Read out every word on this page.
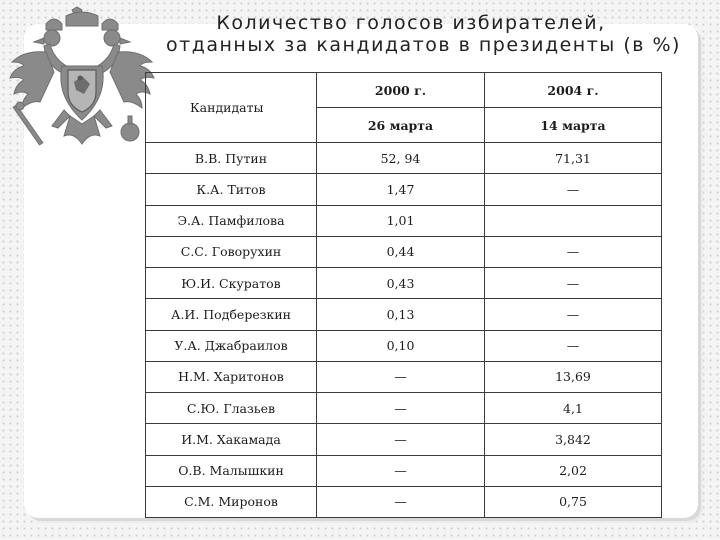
Количество голосов избирателей,
отданных за кандидатов в президенты (в %)
Кандидаты	2000 г.	2004 г.
	26 марта	14 марта
В.В. Путин	52, 94	71,31
К.А. Титов	1,47	—
Э.А. Памфилова	1,01	
С.С. Говорухин	0,44	—
Ю.И. Скуратов	0,43	—
А.И. Подберезкин	0,13	—
У.А. Джабраилов	0,10	—
Н.М. Харитонов	—	13,69
С.Ю. Глазьев	—	4,1
И.М. Хакамада	—	3,842
О.В. Малышкин	—	2,02
С.М. Миронов	—	0,75
